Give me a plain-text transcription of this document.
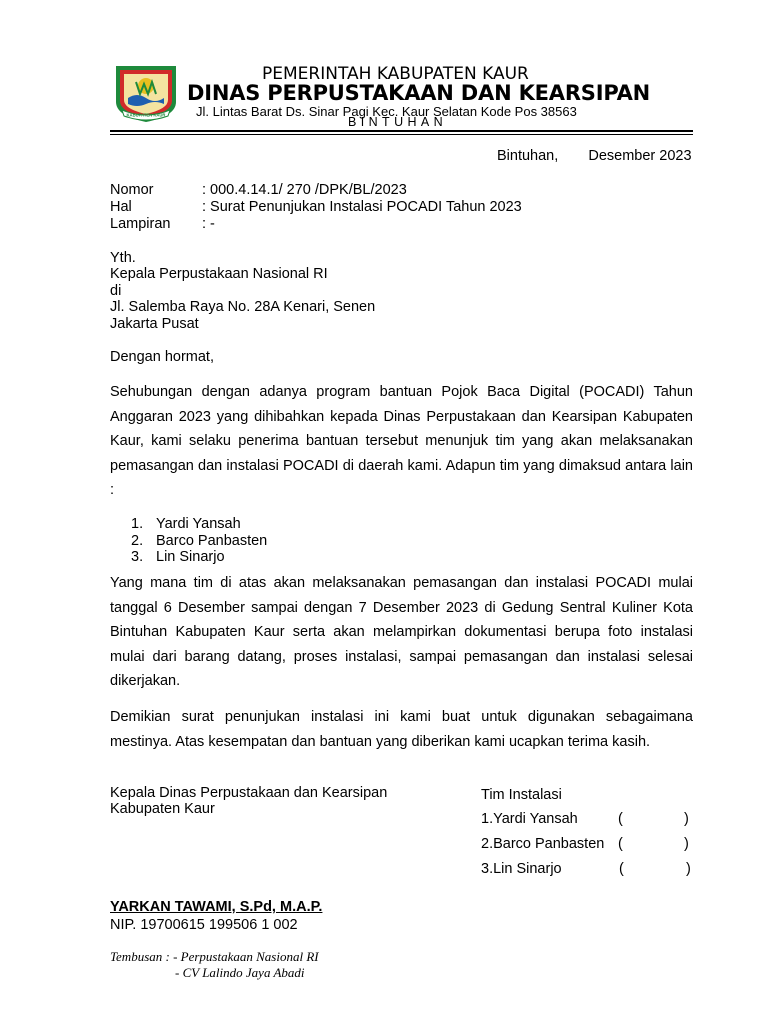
KABUPATEN KAUR
PEMERINTAH KABUPATEN KAUR
DINAS PERPUSTAKAAN DAN KEARSIPAN
Jl. Lintas Barat Ds. Sinar Pagi Kec. Kaur Selatan Kode Pos 38563
BINTUHAN
Bintuhan, Desember 2023
Nomor	: 000.4.14.1/ 270 /DPK/BL/2023
Hal	: Surat Penunjukan Instalasi POCADI Tahun 2023
Lampiran : -
Yth.
Kepala Perpustakaan Nasional RI
di
Jl. Salemba Raya No. 28A Kenari, Senen
Jakarta Pusat
Dengan hormat,
Sehubungan dengan adanya program bantuan Pojok Baca Digital (POCADI) Tahun Anggaran 2023 yang dihibahkan kepada Dinas Perpustakaan dan Kearsipan Kabupaten Kaur, kami selaku penerima bantuan tersebut menunjuk tim yang akan melaksanakan pemasangan dan instalasi POCADI di daerah kami. Adapun tim yang dimaksud antara lain :
1. Yardi Yansah
2. Barco Panbasten
3. Lin Sinarjo
Yang mana tim di atas akan melaksanakan pemasangan dan instalasi POCADI mulai tanggal 6 Desember sampai dengan 7 Desember 2023 di Gedung Sentral Kuliner Kota Bintuhan Kabupaten Kaur serta akan melampirkan dokumentasi berupa foto instalasi mulai dari barang datang, proses instalasi, sampai pemasangan dan instalasi selesai dikerjakan.
Demikian surat penunjukan instalasi ini kami buat untuk digunakan sebagaimana mestinya. Atas kesempatan dan bantuan yang diberikan kami ucapkan terima kasih.
Kepala Dinas Perpustakaan dan Kearsipan
Kabupaten Kaur
YARKAN TAWAMI, S.Pd, M.A.P.
NIP. 19700615 199506 1 002
Tim Instalasi
1.Yardi Yansah	(	)
2.Barco Panbasten (	)
3.Lin Sinarjo	(	)
Tembusan : - Perpustakaan Nasional RI
- CV Lalindo Jaya Abadi
